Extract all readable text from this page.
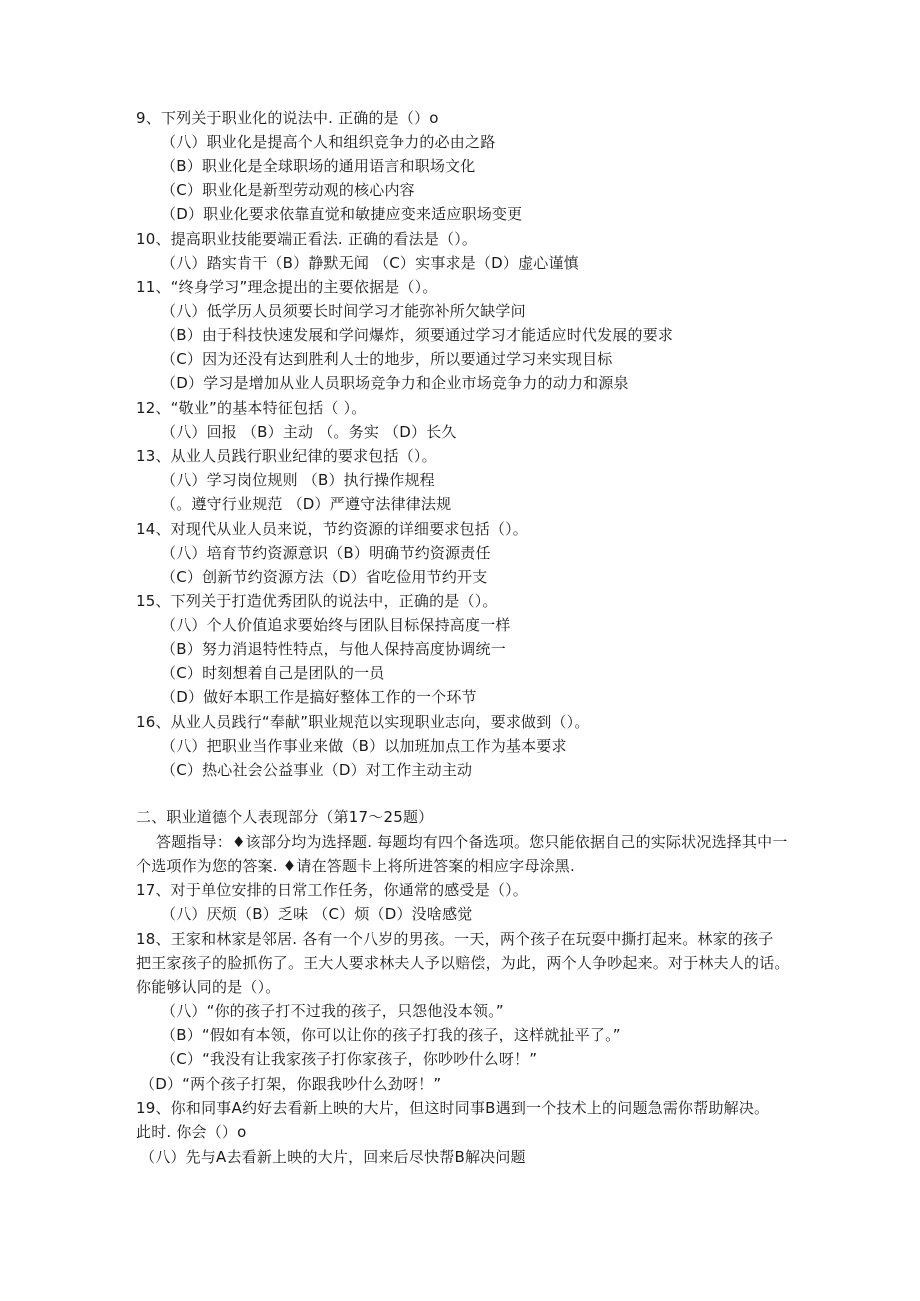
9、下列关于职业化的说法中. 正确的是（）o
（八）职业化是提高个人和组织竞争力的必由之路
（B）职业化是全球职场的通用语言和职场文化
（C）职业化是新型劳动观的核心内容
（D）职业化要求依靠直觉和敏捷应变来适应职场变更
10、提高职业技能要端正看法. 正确的看法是（）。
（八）踏实肯干（B）静默无闻 （C）实事求是（D）虚心谨慎
11、“终身学习”理念提出的主要依据是（）。
（八）低学历人员须要长时间学习才能弥补所欠缺学问
（B）由于科技快速发展和学问爆炸，须要通过学习才能适应时代发展的要求
（C）因为还没有达到胜利人士的地步，所以要通过学习来实现目标
（D）学习是增加从业人员职场竞争力和企业市场竞争力的动力和源泉
12、“敬业”的基本特征包括（ ）。
（八）回报 （B）主动 （。务实 （D）长久
13、从业人员践行职业纪律的要求包括（）。
（八）学习岗位规则 （B）执行操作规程
（。遵守行业规范 （D）严遵守法律律法规
14、对现代从业人员来说，节约资源的详细要求包括（）。
（八）培育节约资源意识（B）明确节约资源责任
（C）创新节约资源方法（D）省吃俭用节约开支
15、下列关于打造优秀团队的说法中，正确的是（）。
（八）个人价值追求要始终与团队目标保持高度一样
（B）努力消退特性特点，与他人保持高度协调统一
（C）时刻想着自己是团队的一员
（D）做好本职工作是搞好整体工作的一个环节
16、从业人员践行“奉献”职业规范以实现职业志向，要求做到（）。
（八）把职业当作事业来做（B）以加班加点工作为基本要求
（C）热心社会公益事业（D）对工作主动主动
二、职业道德个人表现部分（第17～25题）
答题指导：♦该部分均为选择题. 每题均有四个备选项。您只能依据自己的实际状况选择其中一
个选项作为您的答案. ♦请在答题卡上将所进答案的相应字母涂黑.
17、对于单位安排的日常工作任务，你通常的感受是（）。
（八）厌烦（B）乏味 （C）烦（D）没啥感觉
18、王家和林家是邻居. 各有一个八岁的男孩。一天，两个孩子在玩耍中撕打起来。林家的孩子
把王家孩子的脸抓伤了。王大人要求林夫人予以赔偿，为此，两个人争吵起来。对于林夫人的话。
你能够认同的是（）。
（八）“你的孩子打不过我的孩子，只怨他没本领。”
（B）“假如有本领，你可以让你的孩子打我的孩子，这样就扯平了。”
（C）“我没有让我家孩子打你家孩子，你吵吵什么呀！”
（D）“两个孩子打架，你跟我吵什么劲呀！”
19、你和同事A约好去看新上映的大片，但这时同事B遇到一个技术上的问题急需你帮助解决。
此时. 你会（）o
（八）先与A去看新上映的大片，回来后尽快帮B解决问题
